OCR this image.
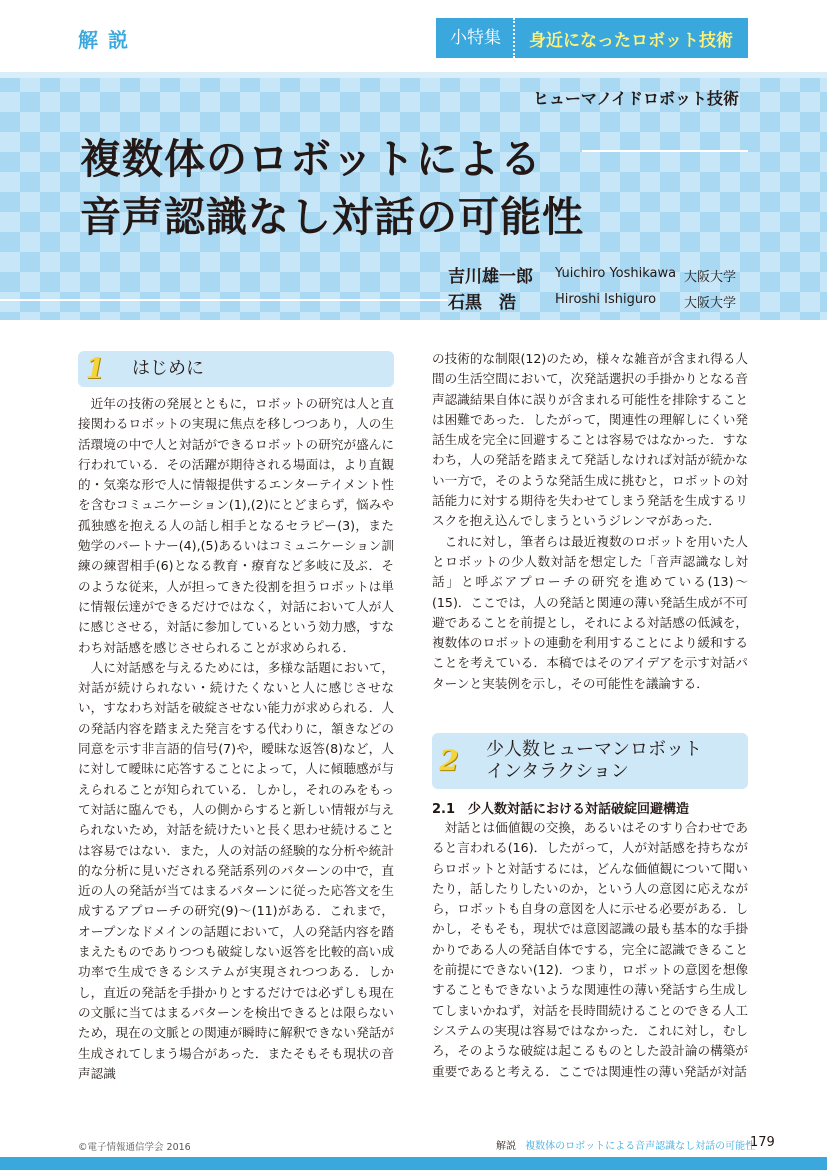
解説	小特集	身近になったロボット技術
ヒューマノイドロボット技術
複数体のロボットによる
音声認識なし対話の可能性
吉川雄一郎 Yuichiro Yoshikawa 大阪大学
石黒　浩	Hiroshi Ishiguro 大阪大学
1	はじめに

近年の技術の発展とともに，ロボットの研究は人と直接関わるロボットの実現に焦点を移しつつあり，人の生活環境の中で人と対話ができるロボットの研究が盛んに行われている．その活躍が期待される場面は，より直観的・気楽な形で人に情報提供するエンターテイメント性を含むコミュニケーション(1),(2)にとどまらず，悩みや孤独感を抱える人の話し相手となるセラピー(3)，また勉学のパートナー(4),(5)あるいはコミュニケーション訓練の練習相手(6)となる教育・療育など多岐に及ぶ．そのような従来，人が担ってきた役割を担うロボットは単に情報伝達ができるだけではなく，対話において人が人に感じさせる，対話に参加しているという効力感，すなわち対話感を感じさせられることが求められる．

人に対話感を与えるためには，多様な話題において，対話が続けられない・続けたくないと人に感じさせない，すなわち対話を破綻させない能力が求められる．人の発話内容を踏まえた発言をする代わりに，頷きなどの同意を示す非言語的信号(7)や，曖昧な返答(8)など，人に対して曖昧に応答することによって，人に傾聴感が与えられることが知られている．しかし，それのみをもって対話に臨んでも，人の側からすると新しい情報が与えられないため，対話を続けたいと長く思わせ続けることは容易ではない．また，人の対話の経験的な分析や統計的な分析に見いだされる発話系列のパターンの中で，直近の人の発話が当てはまるパターンに従った応答文を生成するアプローチの研究(9)〜(11)がある．これまで，オープンなドメインの話題において，人の発話内容を踏まえたものでありつつも破綻しない返答を比較的高い成功率で生成できるシステムが実現されつつある．しかし，直近の発話を手掛かりとするだけでは必ずしも現在の文脈に当てはまるパターンを検出できるとは限らないため，現在の文脈との関連が瞬時に解釈できない発話が生成されてしまう場合があった．またそもそも現状の音声認識

の技術的な制限(12)のため，様々な雑音が含まれ得る人間の生活空間において，次発話選択の手掛かりとなる音声認識結果自体に誤りが含まれる可能性を排除することは困難であった．したがって，関連性の理解しにくい発話生成を完全に回避することは容易ではなかった．すなわち，人の発話を踏まえて発話しなければ対話が続かない一方で，そのような発話生成に挑むと，ロボットの対話能力に対する期待を失わせてしまう発話を生成するリスクを抱え込んでしまうというジレンマがあった．

これに対し，筆者らは最近複数のロボットを用いた人とロボットの少人数対話を想定した「音声認識なし対話」と呼ぶアプローチの研究を進めている(13)〜(15)．ここでは，人の発話と関連の薄い発話生成が不可避であることを前提とし，それによる対話感の低減を，複数体のロボットの連動を利用することにより緩和することを考えている．本稿ではそのアイデアを示す対話パターンと実装例を示し，その可能性を議論する．

2	少人数ヒューマンロボット
インタラクション
2.1　少人数対話における対話破綻回避構造

対話とは価値観の交換，あるいはそのすり合わせであると言われる(16)．したがって，人が対話感を持ちながらロボットと対話するには，どんな価値観について聞いたり，話したりしたいのか，という人の意図に応えながら，ロボットも自身の意図を人に示せる必要がある．しかし，そもそも，現状では意図認識の最も基本的な手掛かりである人の発話自体でする，完全に認識できることを前提にできない(12)．つまり，ロボットの意図を想像することもできないような関連性の薄い発話すら生成してしまいかねず，対話を長時間続けることのできる人工システムの実現は容易ではなかった．これに対し，むしろ，そのような破綻は起こるものとした設計論の構築が重要であると考える．ここでは関連性の薄い発話が対話

©電子情報通信学会 2016	解説 複数体のロボットによる音声認識なし対話の可能性
179
